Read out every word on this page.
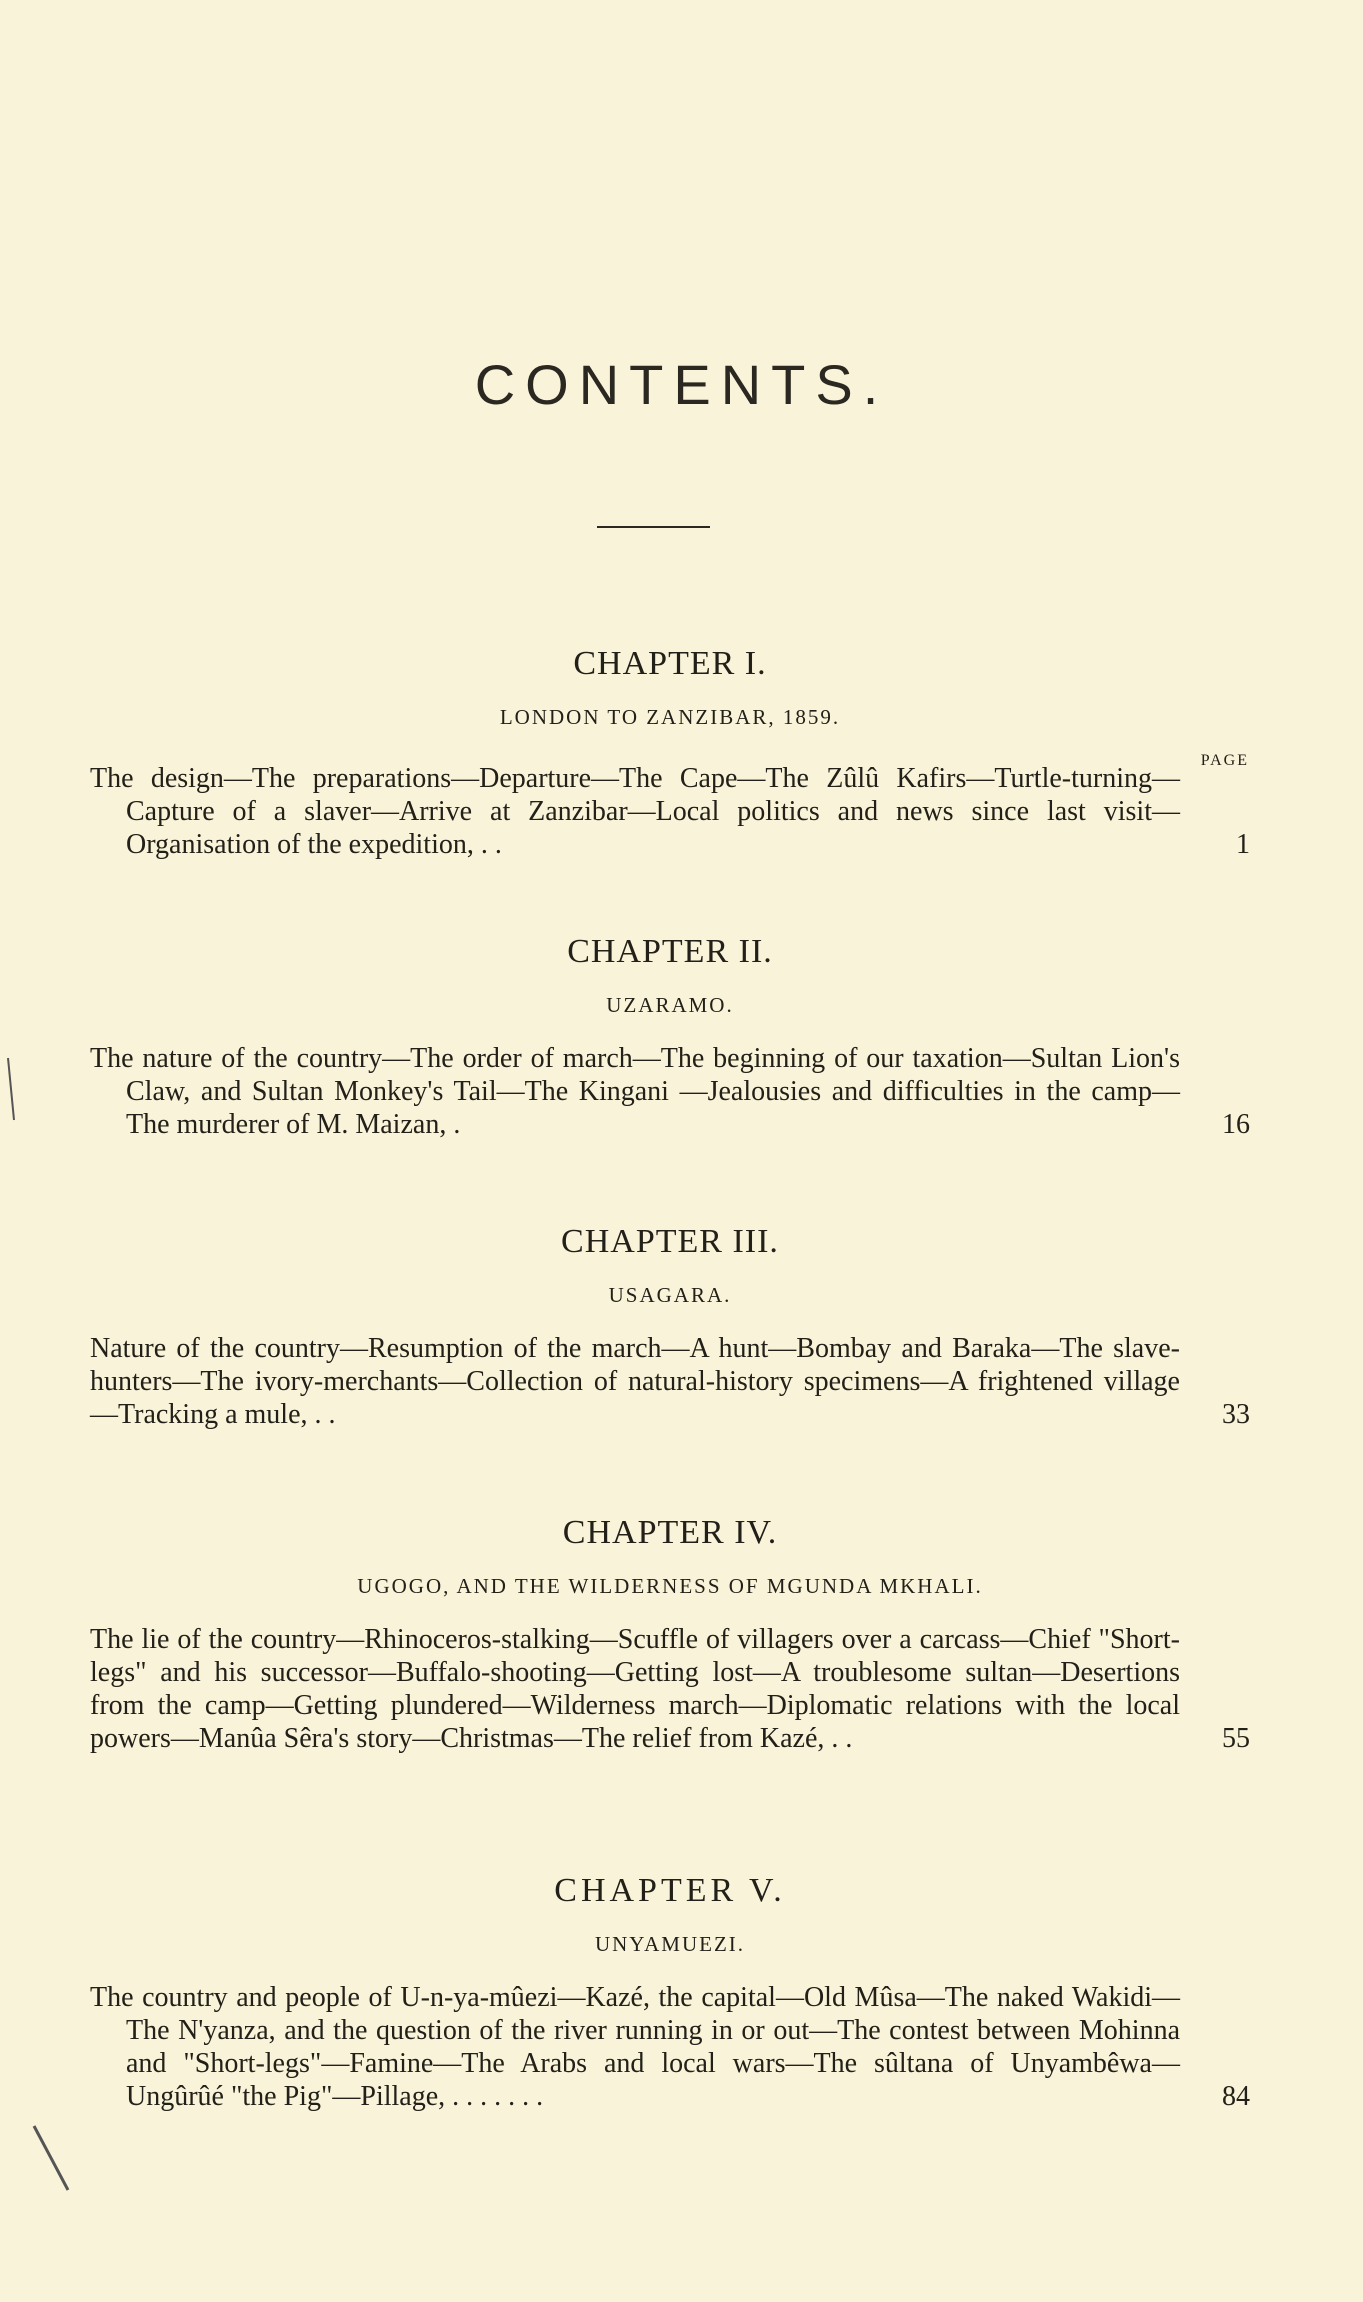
CONTENTS.
PAGE
CHAPTER I.
LONDON TO ZANZIBAR, 1859.
The design—The preparations—Departure—The Cape—The Zûlû Kafirs—Turtle-turning—Capture of a slaver—Arrive at Zanzibar—Local politics and news since last visit—Organisation of the expedition, . .	1
CHAPTER II.
UZARAMO.
The nature of the country—The order of march—The beginning of our taxation—Sultan Lion's Claw, and Sultan Monkey's Tail—The Kingani —Jealousies and difficulties in the camp—The murderer of M. Maizan, .	16
CHAPTER III.
USAGARA.
Nature of the country—Resumption of the march—A hunt—Bombay and Baraka—The slave-hunters—The ivory-merchants—Collection of natural-history specimens—A frightened village—Tracking a mule, . .	33
CHAPTER IV.
UGOGO, AND THE WILDERNESS OF MGUNDA MKHALI.
The lie of the country—Rhinoceros-stalking—Scuffle of villagers over a carcass—Chief "Short-legs" and his successor—Buffalo-shooting—Getting lost—A troublesome sultan—Desertions from the camp—Getting plundered—Wilderness march—Diplomatic relations with the local powers—Manûa Sêra's story—Christmas—The relief from Kazé, . .	55
CHAPTER V.
UNYAMUEZI.
The country and people of U-n-ya-mûezi—Kazé, the capital—Old Mûsa—The naked Wakidi—The N'yanza, and the question of the river running in or out—The contest between Mohinna and "Short-legs"—Famine—The Arabs and local wars—The sûltana of Unyambêwa—Ungûrûé "the Pig"—Pillage, . . . . . . .	84
